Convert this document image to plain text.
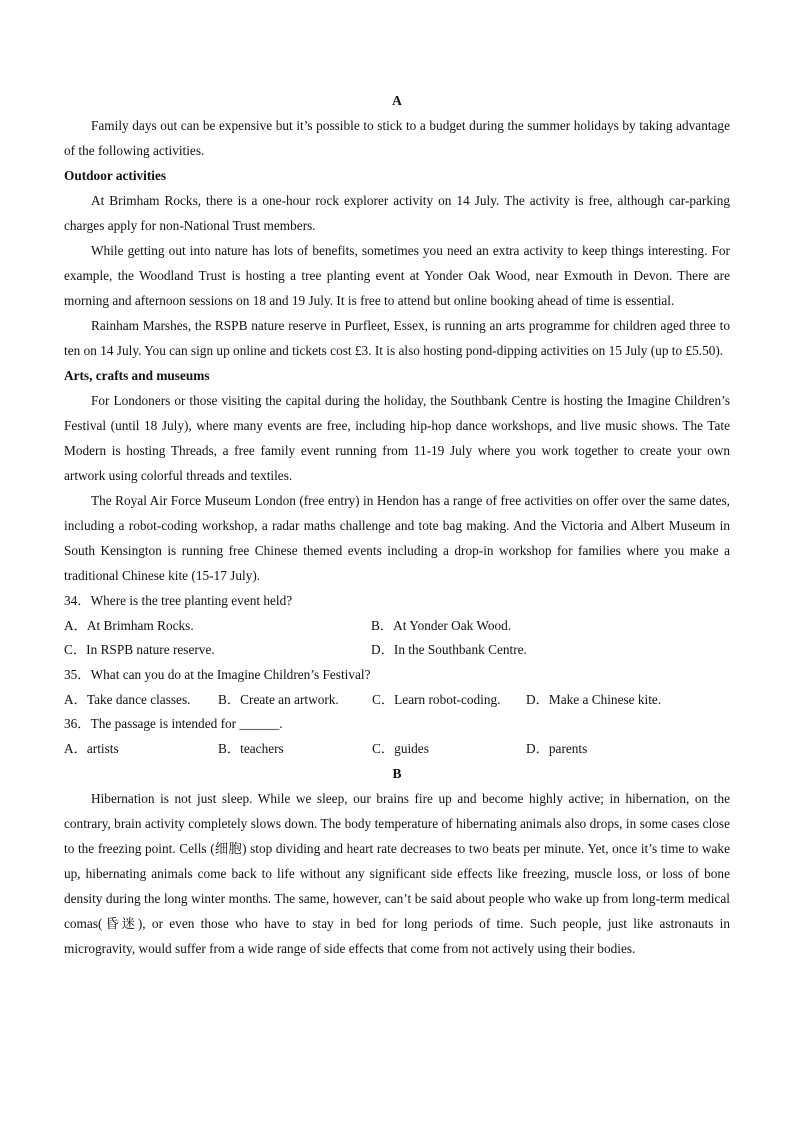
A

Family days out can be expensive but it’s possible to stick to a budget during the summer holidays by taking advantage of the following activities.

Outdoor activities

At Brimham Rocks, there is a one-hour rock explorer activity on 14 July. The activity is free, although car-parking charges apply for non-National Trust members.

While getting out into nature has lots of benefits, sometimes you need an extra activity to keep things interesting. For example, the Woodland Trust is hosting a tree planting event at Yonder Oak Wood, near Exmouth in Devon. There are morning and afternoon sessions on 18 and 19 July. It is free to attend but online booking ahead of time is essential.

Rainham Marshes, the RSPB nature reserve in Purfleet, Essex, is running an arts programme for children aged three to ten on 14 July. You can sign up online and tickets cost £3. It is also hosting pond-dipping activities on 15 July (up to £5.50).

Arts, crafts and museums

For Londoners or those visiting the capital during the holiday, the Southbank Centre is hosting the Imagine Children’s Festival (until 18 July), where many events are free, including hip-hop dance workshops, and live music shows. The Tate Modern is hosting Threads, a free family event running from 11-19 July where you work together to create your own artwork using colorful threads and textiles.

The Royal Air Force Museum London (free entry) in Hendon has a range of free activities on offer over the same dates, including a robot-coding workshop, a radar maths challenge and tote bag making. And the Victoria and Albert Museum in South Kensington is running free Chinese themed events including a drop-in workshop for families where you make a traditional Chinese kite (15-17 July).

34．Where is the tree planting event held?
A．At Brimham Rocks.	B．At Yonder Oak Wood.
C．In RSPB nature reserve.	D．In the Southbank Centre.
35．What can you do at the Imagine Children’s Festival?
A．Take dance classes.	B．Create an artwork.	C．Learn robot-coding.	D．Make a Chinese kite.
36．The passage is intended for ______.
A．artists	B．teachers	C．guides	D．parents
B

Hibernation is not just sleep. While we sleep, our brains fire up and become highly active; in hibernation, on the contrary, brain activity completely slows down. The body temperature of hibernating animals also drops, in some cases close to the freezing point. Cells (细胞) stop dividing and heart rate decreases to two beats per minute. Yet, once it’s time to wake up, hibernating animals come back to life without any significant side effects like freezing, muscle loss, or loss of bone density during the long winter months. The same, however, can’t be said about people who wake up from long-term medical comas(昏迷), or even those who have to stay in bed for long periods of time. Such people, just like astronauts in microgravity, would suffer from a wide range of side effects that come from not actively using their bodies.
